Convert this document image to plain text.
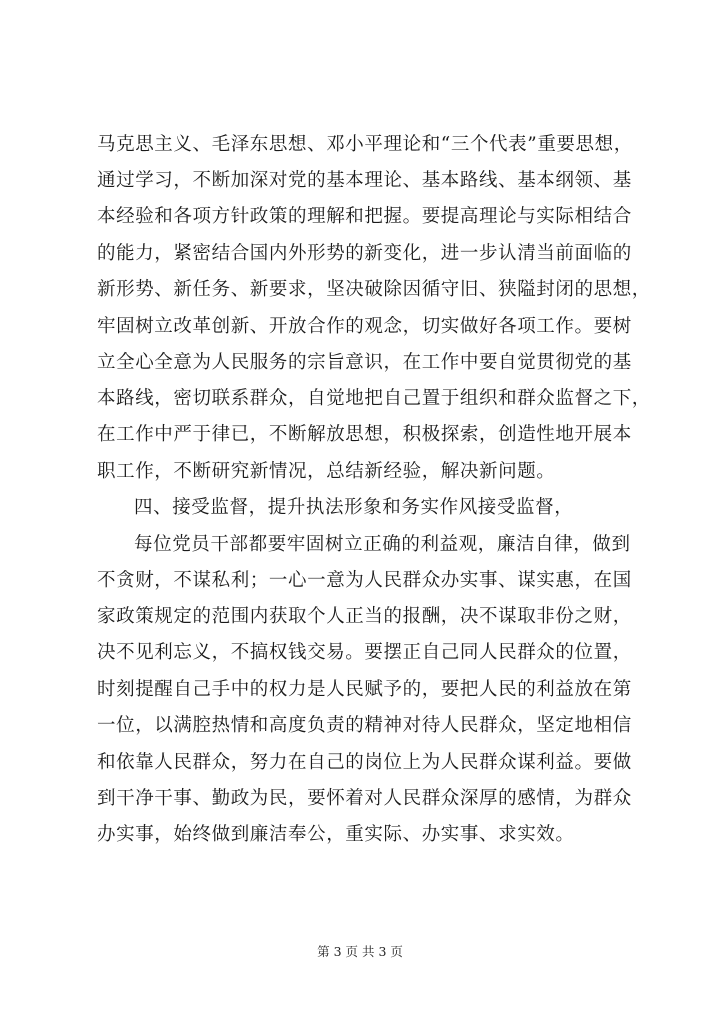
马克思主义、毛泽东思想、邓小平理论和“三个代表”重要思想，
通过学习，不断加深对党的基本理论、基本路线、基本纲领、基
本经验和各项方针政策的理解和把握。要提高理论与实际相结合
的能力，紧密结合国内外形势的新变化，进一步认清当前面临的
新形势、新任务、新要求，坚决破除因循守旧、狭隘封闭的思想，
牢固树立改革创新、开放合作的观念，切实做好各项工作。要树
立全心全意为人民服务的宗旨意识，在工作中要自觉贯彻党的基
本路线，密切联系群众，自觉地把自己置于组织和群众监督之下，
在工作中严于律已，不断解放思想，积极探索，创造性地开展本
职工作，不断研究新情况，总结新经验，解决新问题。
四、接受监督，提升执法形象和务实作风接受监督，
每位党员干部都要牢固树立正确的利益观，廉洁自律，做到
不贪财，不谋私利；一心一意为人民群众办实事、谋实惠，在国
家政策规定的范围内获取个人正当的报酬，决不谋取非份之财，
决不见利忘义，不搞权钱交易。要摆正自己同人民群众的位置，
时刻提醒自己手中的权力是人民赋予的，要把人民的利益放在第
一位，以满腔热情和高度负责的精神对待人民群众，坚定地相信
和依靠人民群众，努力在自己的岗位上为人民群众谋利益。要做
到干净干事、勤政为民，要怀着对人民群众深厚的感情，为群众
办实事，始终做到廉洁奉公，重实际、办实事、求实效。
第 3 页 共 3 页
